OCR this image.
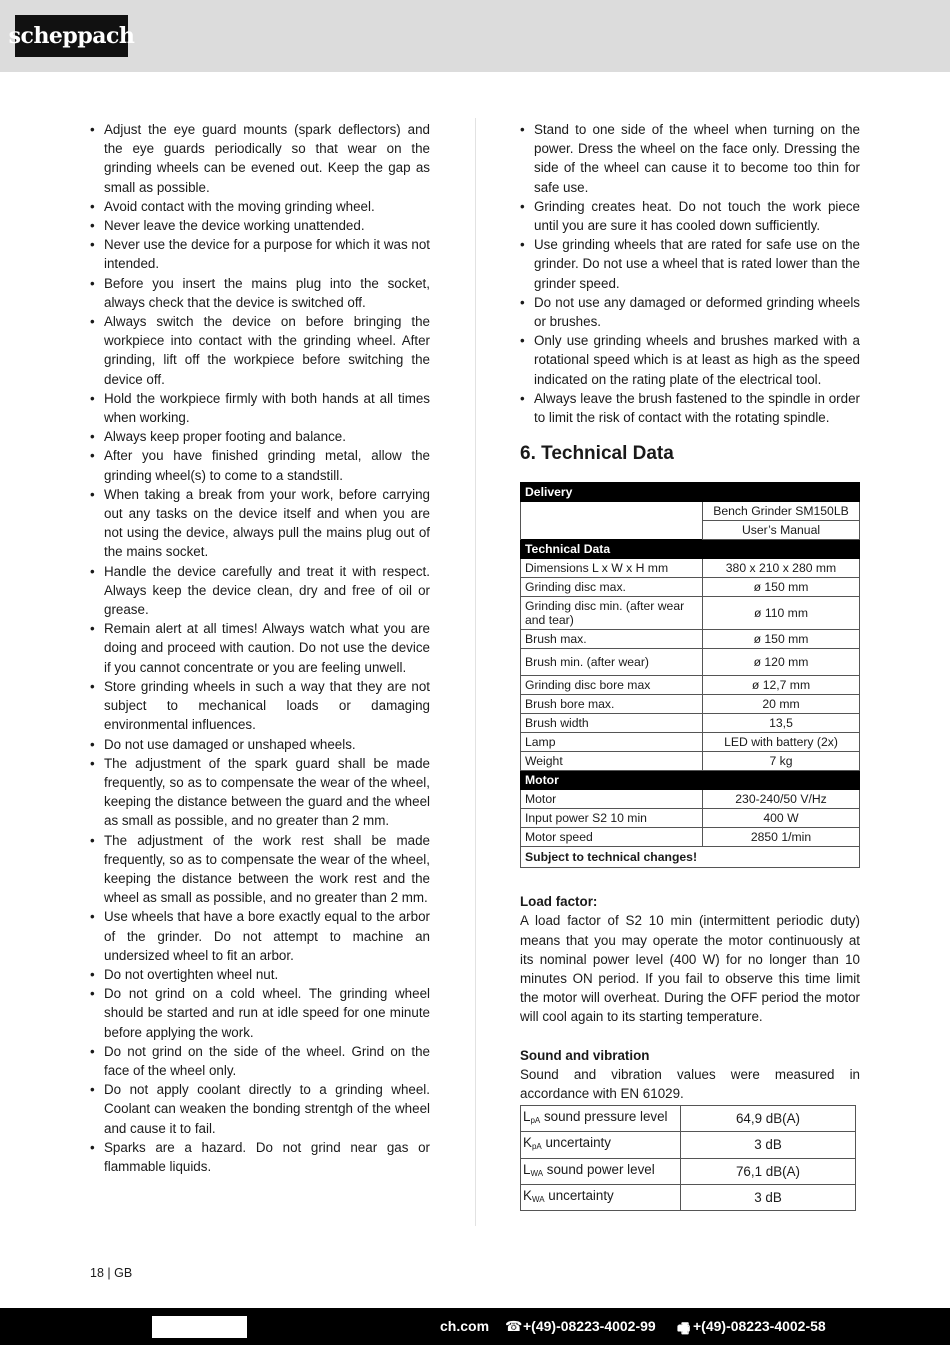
scheppach
• Adjust the eye guard mounts (spark deflectors) and the eye guards periodically so that wear on the grinding wheels can be evened out. Keep the gap as small as possible.
• Avoid contact with the moving grinding wheel.
• Never leave the device working unattended.
• Never use the device for a purpose for which it was not intended.
• Before you insert the mains plug into the socket, always check that the device is switched off.
• Always switch the device on before bringing the workpiece into contact with the grinding wheel. After grinding, lift off the workpiece before switching the device off.
• Hold the workpiece firmly with both hands at all times when working.
• Always keep proper footing and balance.
• After you have finished grinding metal, allow the grinding wheel(s) to come to a standstill.
• When taking a break from your work, before carrying out any tasks on the device itself and when you are not using the device, always pull the mains plug out of the mains socket.
• Handle the device carefully and treat it with respect. Always keep the device clean, dry and free of oil or grease.
• Remain alert at all times! Always watch what you are doing and proceed with caution. Do not use the device if you cannot concentrate or you are feeling unwell.
• Store grinding wheels in such a way that they are not subject to mechanical loads or damaging environmental influences.
• Do not use damaged or unshaped wheels.
• The adjustment of the spark guard shall be made frequently, so as to compensate the wear of the wheel, keeping the distance between the guard and the wheel as small as possible, and no greater than 2 mm.
• The adjustment of the work rest shall be made frequently, so as to compensate the wear of the wheel, keeping the distance between the work rest and the wheel as small as possible, and no greater than 2 mm.
• Use wheels that have a bore exactly equal to the arbor of the grinder. Do not attempt to machine an undersized wheel to fit an arbor.
• Do not overtighten wheel nut.
• Do not grind on a cold wheel. The grinding wheel should be started and run at idle speed for one minute before applying the work.
• Do not grind on the side of the wheel. Grind on the face of the wheel only.
• Do not apply coolant directly to a grinding wheel. Coolant can weaken the bonding strentgh of the wheel and cause it to fail.
• Sparks are a hazard. Do not grind near gas or flammable liquids.
• Stand to one side of the wheel when turning on the power. Dress the wheel on the face only. Dressing the side of the wheel can cause it to become too thin for safe use.
• Grinding creates heat. Do not touch the work piece until you are sure it has cooled down sufficiently.
• Use grinding wheels that are rated for safe use on the grinder. Do not use a wheel that is rated lower than the grinder speed.
• Do not use any damaged or deformed grinding wheels or brushes.
• Only use grinding wheels and brushes marked with a rotational speed which is at least as high as the speed indicated on the rating plate of the electrical tool.
• Always leave the brush fastened to the spindle in order to limit the risk of contact with the rotating spindle.
6. Technical Data
Delivery	
	Bench Grinder SM150LB
	User’s Manual
Technical Data	
Dimensions L x W x H mm	380 x 210 x 280 mm
Grinding disc max.	ø 150 mm
Grinding disc min. (after wear and tear)	ø 110 mm
Brush max.	ø 150 mm
Brush min. (after wear)	ø 120 mm
Grinding disc bore max	ø 12,7 mm
Brush bore max.	20 mm
Brush width	13,5
Lamp	LED with battery (2x)
Weight	7 kg
Motor	
Motor	230-240/50 V/Hz
Input power S2 10 min	400 W
Motor speed	2850 1/min
Subject to technical changes!	
Load factor:
A load factor of S2 10 min (intermittent periodic duty) means that you may operate the motor continuously at its nominal power level (400 W) for no longer than 10 minutes ON period. If you fail to observe this time limit the motor will overheat. During the OFF period the motor will cool again to its starting temperature.
Sound and vibration
Sound and vibration values were measured in accordance with EN 61029.
$L_{pA}$ sound pressure level	64,9 dB(A)
$K_{pA}$ uncertainty	3 dB
$L_{WA}$ sound power level	76,1 dB(A)
$K_{WA}$ uncertainty	3 dB
18 | GB
ch.com ☎ +(49)-08223-4002-99 🖷 +(49)-08223-4002-58
